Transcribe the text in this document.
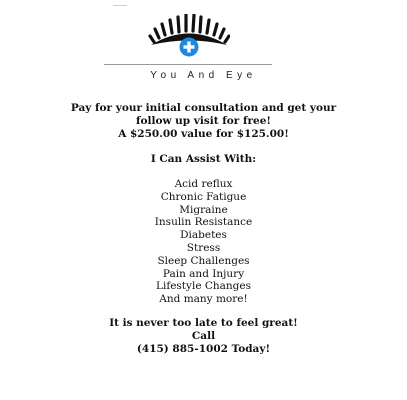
You And Eye
Pay for your initial consultation and get your
follow up visit for free!
A $250.00 value for $125.00!
I Can Assist With:
Acid reflux
Chronic Fatigue
Migraine
Insulin Resistance
Diabetes
Stress
Sleep Challenges
Pain and Injury
Lifestyle Changes
And many more!
It is never too late to feel great!
Call
(415) 885-1002 Today!
